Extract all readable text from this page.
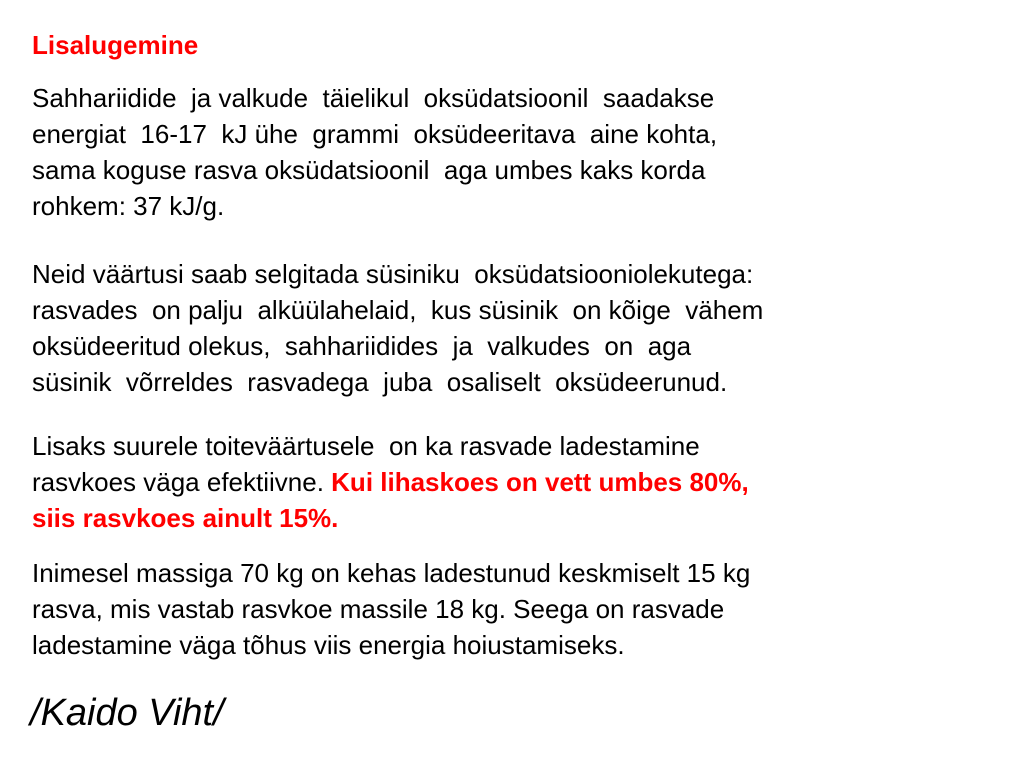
Lisalugemine

Sahhariidide  ja valkude  täielikul  oksüdatsioonil  saadakse
energiat  16-17  kJ ühe  grammi  oksüdeeritava  aine kohta,
sama koguse rasva oksüdatsioonil  aga umbes kaks korda
rohkem: 37 kJ/g.

Neid väärtusi saab selgitada süsiniku  oksüdatsiooniolekutega:
rasvades  on palju  alküülahelaid,  kus süsinik  on kõige  vähem
oksüdeeritud olekus,  sahhariidides  ja  valkudes  on  aga
süsinik  võrreldes  rasvadega  juba  osaliselt  oksüdeerunud.

Lisaks suurele toiteväärtusele  on ka rasvade ladestamine
rasvkoes väga efektiivne. Kui lihaskoes on vett umbes 80%,
siis rasvkoes ainult 15%.

Inimesel massiga 70 kg on kehas ladestunud keskmiselt 15 kg
rasva, mis vastab rasvkoe massile 18 kg. Seega on rasvade
ladestamine väga tõhus viis energia hoiustamiseks.

/Kaido Viht/
